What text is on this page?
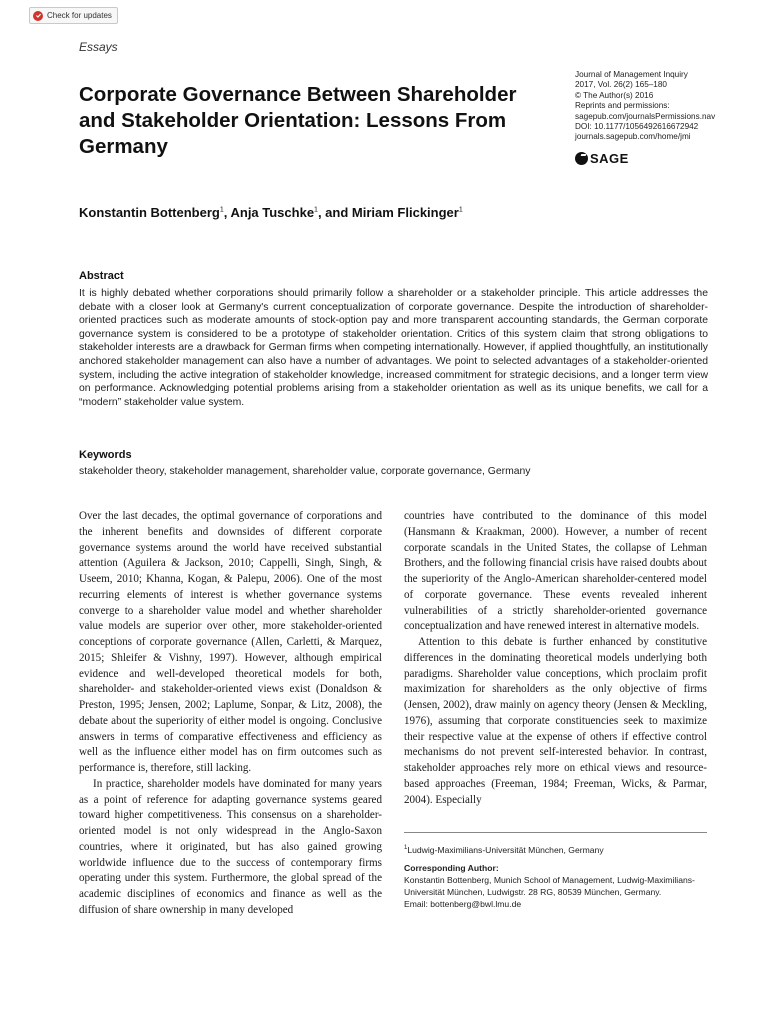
Check for updates
Essays
Corporate Governance Between Shareholder and Stakeholder Orientation: Lessons From Germany
Journal of Management Inquiry
2017, Vol. 26(2) 165–180
© The Author(s) 2016
Reprints and permissions:
sagepub.com/journalsPermissions.nav
DOI: 10.1177/1056492616672942
journals.sagepub.com/home/jmi
SAGE
Konstantin Bottenberg$^1$, Anja Tuschke$^1$, and Miriam Flickinger$^1$
Abstract
It is highly debated whether corporations should primarily follow a shareholder or a stakeholder principle. This article addresses the debate with a closer look at Germany's current conceptualization of corporate governance. Despite the introduction of shareholder-oriented practices such as moderate amounts of stock-option pay and more transparent accounting standards, the German corporate governance system is considered to be a prototype of stakeholder orientation. Critics of this system claim that strong obligations to stakeholder interests are a drawback for German firms when competing internationally. However, if applied thoughtfully, an institutionally anchored stakeholder management can also have a number of advantages. We point to selected advantages of a stakeholder-oriented system, including the active integration of stakeholder knowledge, increased commitment for strategic decisions, and a longer term view on performance. Acknowledging potential problems arising from a stakeholder orientation as well as its unique benefits, we call for a “modern” stakeholder value system.
Keywords
stakeholder theory, stakeholder management, shareholder value, corporate governance, Germany

Over the last decades, the optimal governance of corporations and the inherent benefits and downsides of different corporate governance systems around the world have received substantial attention (Aguilera & Jackson, 2010; Cappelli, Singh, Singh, & Useem, 2010; Khanna, Kogan, & Palepu, 2006). One of the most recurring elements of interest is whether governance systems converge to a shareholder value model and whether shareholder value models are superior over other, more stakeholder-oriented conceptions of corporate governance (Allen, Carletti, & Marquez, 2015; Shleifer & Vishny, 1997). However, although empirical evidence and well-developed theoretical models for both, shareholder- and stakeholder-oriented views exist (Donaldson & Preston, 1995; Jensen, 2002; Laplume, Sonpar, & Litz, 2008), the debate about the superiority of either model is ongoing. Conclusive answers in terms of comparative effectiveness and efficiency as well as the influence either model has on firm outcomes such as performance is, therefore, still lacking.

In practice, shareholder models have dominated for many years as a point of reference for adapting governance systems geared toward higher competitiveness. This consensus on a shareholder-oriented model is not only widespread in the Anglo-Saxon countries, where it originated, but has also gained growing worldwide influence due to the success of contemporary firms operating under this system. Furthermore, the global spread of the academic disciplines of economics and finance as well as the diffusion of share ownership in many developed

countries have contributed to the dominance of this model (Hansmann & Kraakman, 2000). However, a number of recent corporate scandals in the United States, the collapse of Lehman Brothers, and the following financial crisis have raised doubts about the superiority of the Anglo-American shareholder-centered model of corporate governance. These events revealed inherent vulnerabilities of a strictly shareholder-oriented governance conceptualization and have renewed interest in alternative models.

Attention to this debate is further enhanced by constitutive differences in the dominating theoretical models underlying both paradigms. Shareholder value conceptions, which proclaim profit maximization for shareholders as the only objective of firms (Jensen, 2002), draw mainly on agency theory (Jensen & Meckling, 1976), assuming that corporate constituencies seek to maximize their respective value at the expense of others if effective control mechanisms do not prevent self-interested behavior. In contrast, stakeholder approaches rely more on ethical views and resource-based approaches (Freeman, 1984; Freeman, Wicks, & Parmar, 2004). Especially

$^1$Ludwig-Maximilians-Universität München, Germany
Corresponding Author:
Konstantin Bottenberg, Munich School of Management, Ludwig-Maximilians-Universität München, Ludwigstr. 28 RG, 80539 München, Germany.
Email: bottenberg@bwl.lmu.de
